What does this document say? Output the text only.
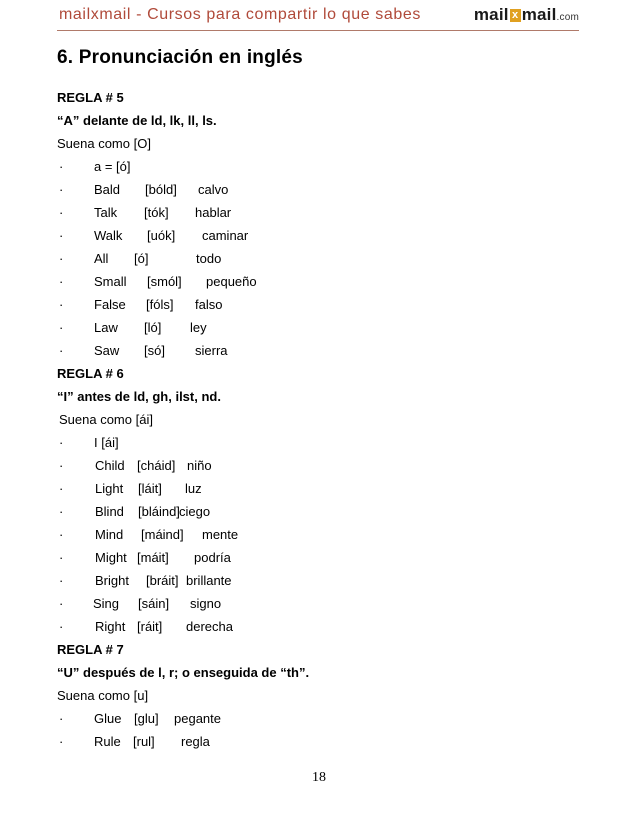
mailxmail - Cursos para compartir lo que sabes	mail x mail.com
6. Pronunciación en inglés
REGLA # 5
“A” delante de ld, lk, ll, ls.
Suena como [O]
· a = [ó]
· Bald [bóld] calvo
· Talk [tók] hablar
· Walk [uók] caminar
· All [ó]	todo
· Small [smól] pequeño
· False [fóls] falso
· Law [ló] ley
· Saw [só] sierra
REGLA # 6
“I” antes de ld, gh, ilst, nd.
Suena como [ái]
· I [ái]
· Child [cháid] niño
· Light [láit] luz
· Blind [bláind] ciego
· Mind [máind] mente
· Might [máit] podría
· Bright [bráit] brillante
· Sing [sáin] signo
· Right [ráit] derecha
REGLA # 7
“U” después de l, r; o enseguida de “th”.
Suena como [u]
· Glue [glu] pegante
· Rule [rul] regla
18
